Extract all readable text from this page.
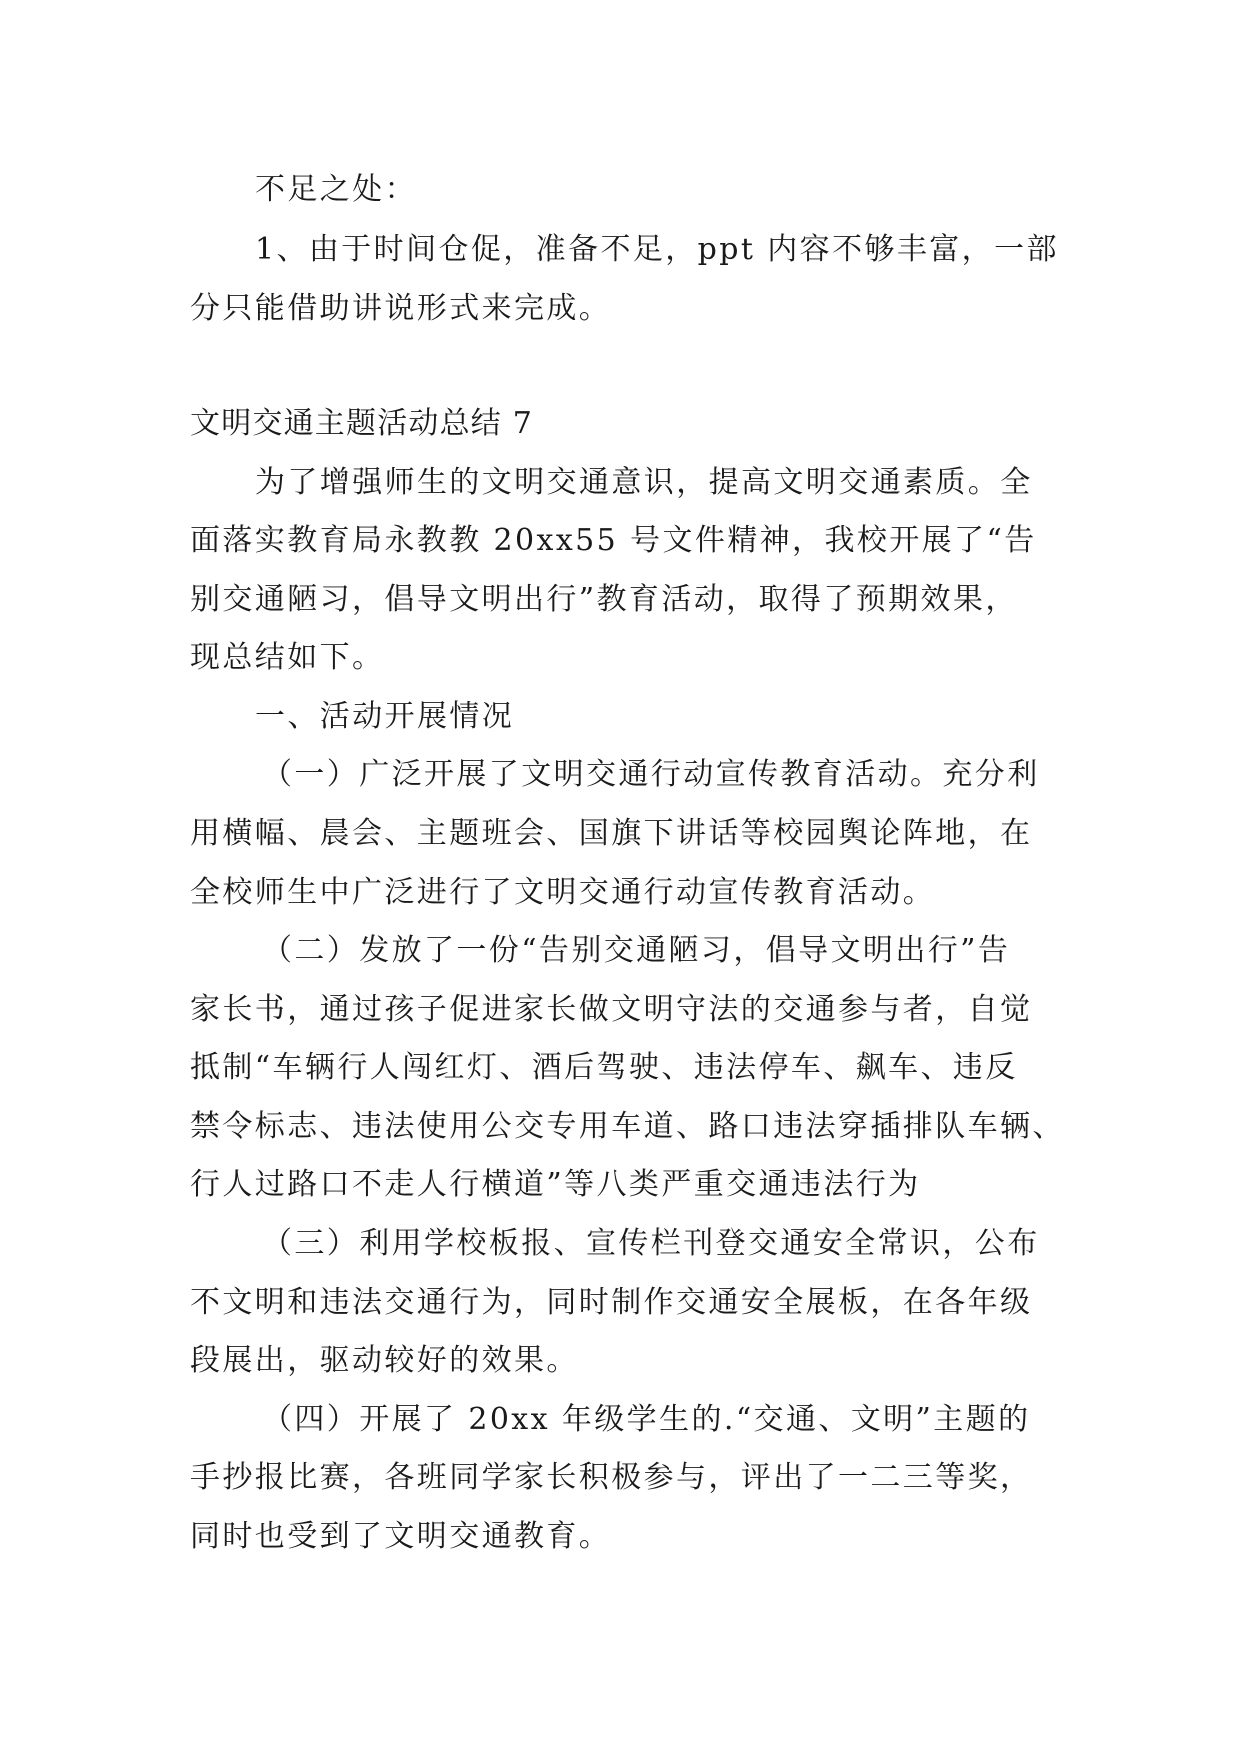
不足之处：

1、由于时间仓促，准备不足，ppt 内容不够丰富，一部

分只能借助讲说形式来完成。

文明交通主题活动总结 7

为了增强师生的文明交通意识，提高文明交通素质。全

面落实教育局永教教 20xx55 号文件精神，我校开展了“告

别交通陋习，倡导文明出行”教育活动，取得了预期效果，

现总结如下。

一、活动开展情况

（一）广泛开展了文明交通行动宣传教育活动。充分利

用横幅、晨会、主题班会、国旗下讲话等校园舆论阵地，在

全校师生中广泛进行了文明交通行动宣传教育活动。

（二）发放了一份“告别交通陋习，倡导文明出行”告

家长书，通过孩子促进家长做文明守法的交通参与者，自觉

抵制“车辆行人闯红灯、酒后驾驶、违法停车、飙车、违反

禁令标志、违法使用公交专用车道、路口违法穿插排队车辆、

行人过路口不走人行横道”等八类严重交通违法行为

（三）利用学校板报、宣传栏刊登交通安全常识，公布

不文明和违法交通行为，同时制作交通安全展板，在各年级

段展出，驱动较好的效果。

（四）开展了 20xx 年级学生的.“交通、文明”主题的

手抄报比赛，各班同学家长积极参与，评出了一二三等奖，

同时也受到了文明交通教育。
